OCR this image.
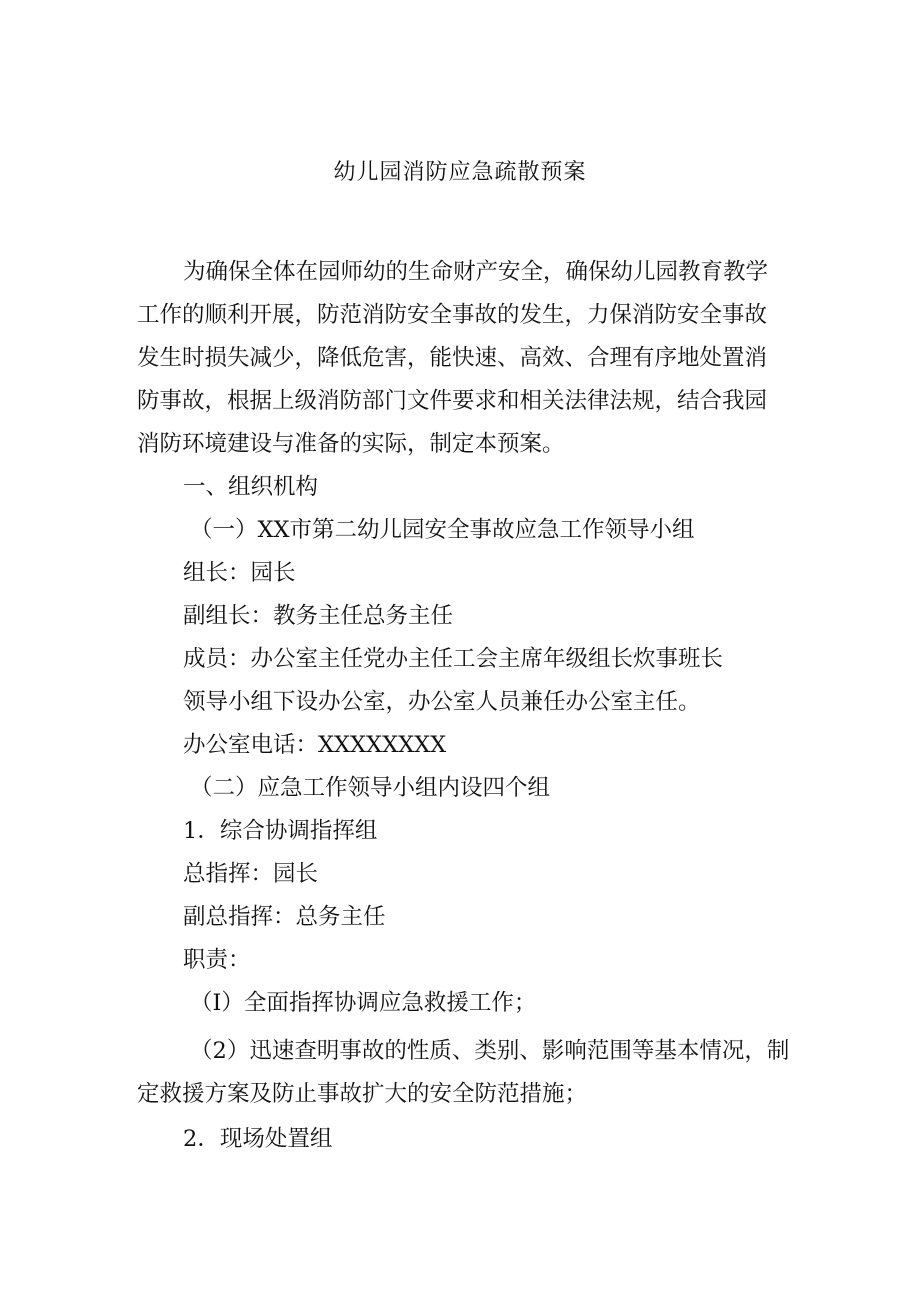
幼儿园消防应急疏散预案
为确保全体在园师幼的生命财产安全，确保幼儿园教育教学
工作的顺利开展，防范消防安全事故的发生，力保消防安全事故
发生时损失减少，降低危害，能快速、高效、合理有序地处置消
防事故，根据上级消防部门文件要求和相关法律法规，结合我园
消防环境建设与准备的实际，制定本预案。
一、组织机构
（一）XX市第二幼儿园安全事故应急工作领导小组
组长：园长
副组长：教务主任总务主任
成员：办公室主任党办主任工会主席年级组长炊事班长
领导小组下设办公室，办公室人员兼任办公室主任。
办公室电话：XXXXXXXX
（二）应急工作领导小组内设四个组
1．综合协调指挥组
总指挥：园长
副总指挥：总务主任
职责：
（I）全面指挥协调应急救援工作；
（2）迅速查明事故的性质、类别、影响范围等基本情况，制
定救援方案及防止事故扩大的安全防范措施；
2．现场处置组
